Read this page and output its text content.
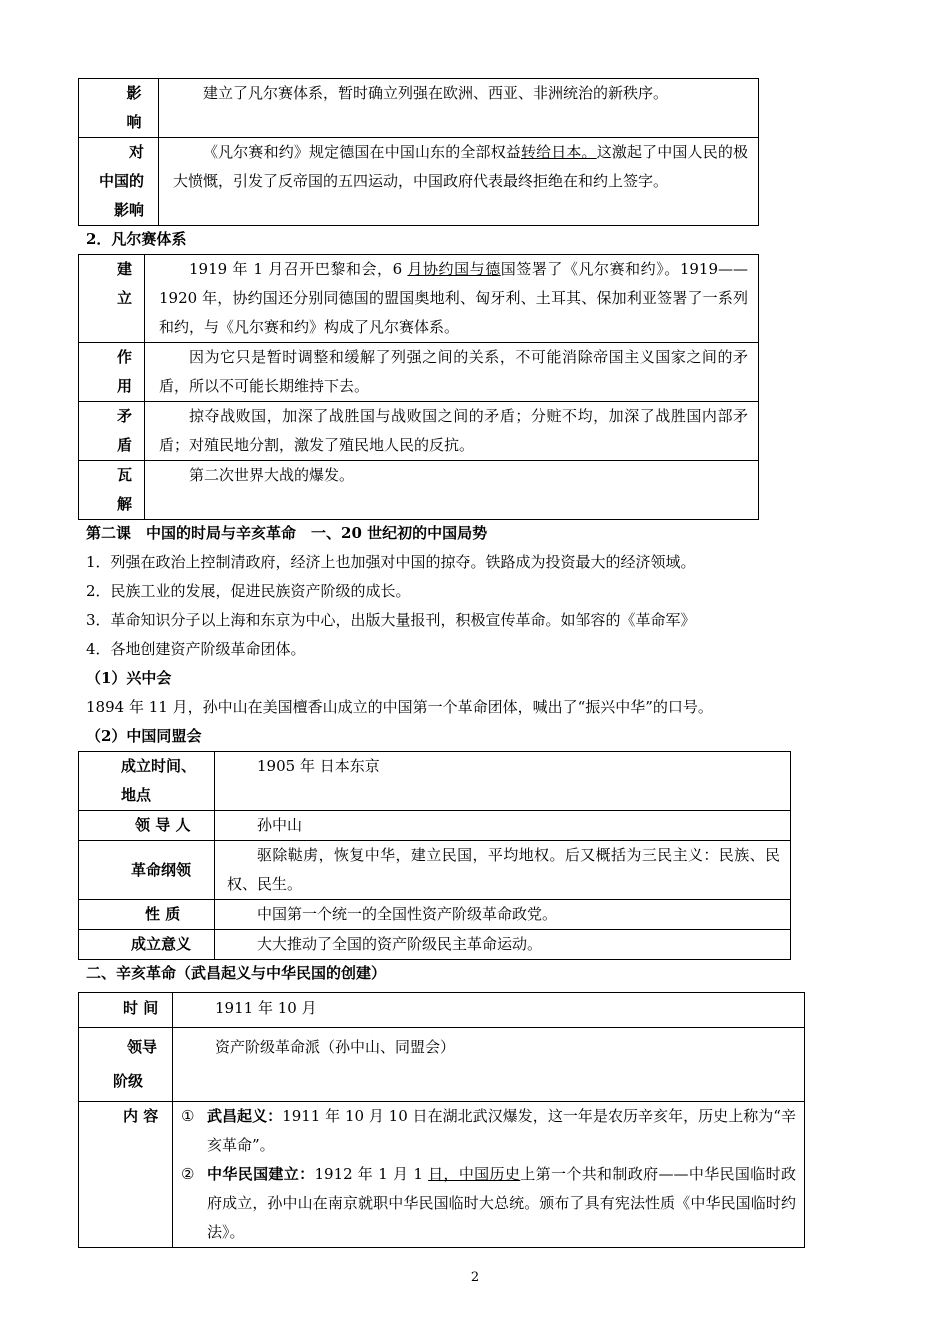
影响	建立了凡尔赛体系，暂时确立列强在欧洲、西亚、非洲统治的新秩序。

对
中国的
影响	《凡尔赛和约》规定德国在中国山东的全部权益转给日本。这激起了中国人民的极大愤慨，引发了反帝国的五四运动，中国政府代表最终拒绝在和约上签字。
2．凡尔赛体系
建立	1919 年 1 月召开巴黎和会，6 月协约国与德国签署了《凡尔赛和约》。1919——1920 年，协约国还分别同德国的盟国奥地利、匈牙利、土耳其、保加利亚签署了一系列和约，与《凡尔赛和约》构成了凡尔赛体系。

作用	因为它只是暂时调整和缓解了列强之间的关系，不可能消除帝国主义国家之间的矛盾，所以不可能长期维持下去。

矛盾	掠夺战败国，加深了战胜国与战败国之间的矛盾；分赃不均，加深了战胜国内部矛盾；对殖民地分割，激发了殖民地人民的反抗。

瓦解	第二次世界大战的爆发。
第二课　中国的时局与辛亥革命　一、20 世纪初的中国局势
1．列强在政治上控制清政府，经济上也加强对中国的掠夺。铁路成为投资最大的经济领域。
2．民族工业的发展，促进民族资产阶级的成长。
3．革命知识分子以上海和东京为中心，出版大量报刊，积极宣传革命。如邹容的《革命军》
4．各地创建资产阶级革命团体。
（1）兴中会
1894 年 11 月，孙中山在美国檀香山成立的中国第一个革命团体，喊出了“振兴中华”的口号。
（2）中国同盟会
成立时间、
地点	1905 年 日本东京
领 导 人	孙中山
革命纲领	驱除鞑虏，恢复中华，建立民国，平均地权。后又概括为三民主义：民族、民权、民生。
性 质	中国第一个统一的全国性资产阶级革命政党。
成立意义	大大推动了全国的资产阶级民主革命运动。
二、辛亥革命（武昌起义与中华民国的创建）
时 间	1911 年 10 月

领导
阶级	资产阶级革命派（孙中山、同盟会）
内 容	① 武昌起义：1911 年 10 月 10 日在湖北武汉爆发，这一年是农历辛亥年，历史上称为“辛亥革命”。
② 中华民国建立：1912 年 1 月 1 日，中国历史上第一个共和制政府——中华民国临时政府成立，孙中山在南京就职中华民国临时大总统。颁布了具有宪法性质《中华民国临时约法》。
2
